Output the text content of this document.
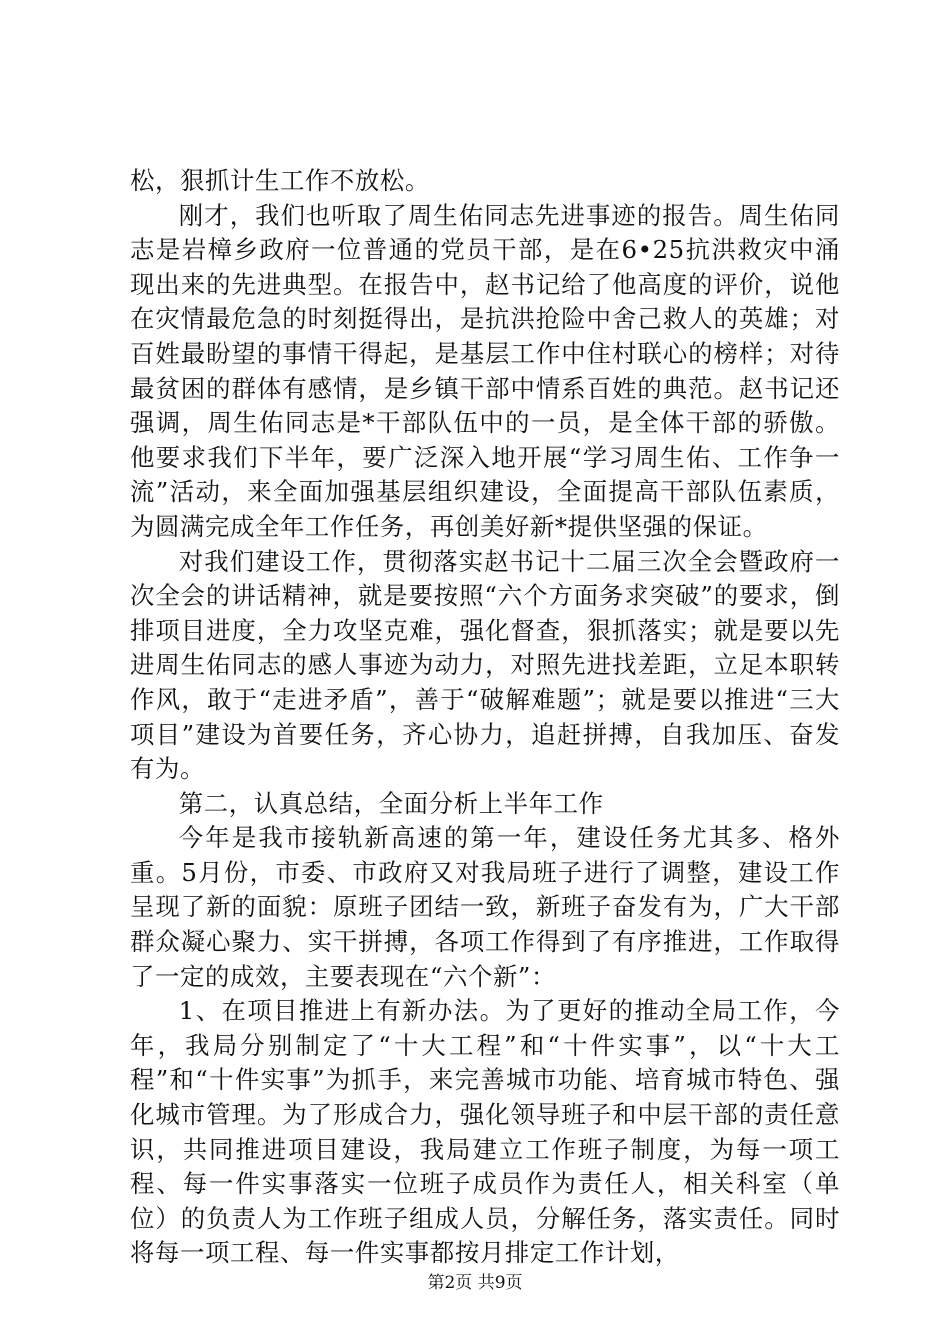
松，狠抓计生工作不放松。

刚才，我们也听取了周生佑同志先进事迹的报告。周生佑同志是岩樟乡政府一位普通的党员干部，是在6•25抗洪救灾中涌现出来的先进典型。在报告中，赵书记给了他高度的评价，说他在灾情最危急的时刻挺得出，是抗洪抢险中舍己救人的英雄；对百姓最盼望的事情干得起，是基层工作中住村联心的榜样；对待最贫困的群体有感情，是乡镇干部中情系百姓的典范。赵书记还强调，周生佑同志是*干部队伍中的一员，是全体干部的骄傲。他要求我们下半年，要广泛深入地开展“学习周生佑、工作争一流”活动，来全面加强基层组织建设，全面提高干部队伍素质，为圆满完成全年工作任务，再创美好新*提供坚强的保证。

对我们建设工作，贯彻落实赵书记十二届三次全会暨政府一次全会的讲话精神，就是要按照“六个方面务求突破”的要求，倒排项目进度，全力攻坚克难，强化督查，狠抓落实；就是要以先进周生佑同志的感人事迹为动力，对照先进找差距，立足本职转作风，敢于“走进矛盾”，善于“破解难题”；就是要以推进“三大项目”建设为首要任务，齐心协力，追赶拼搏，自我加压、奋发有为。

第二，认真总结，全面分析上半年工作

今年是我市接轨新高速的第一年，建设任务尤其多、格外重。5月份，市委、市政府又对我局班子进行了调整，建设工作呈现了新的面貌：原班子团结一致，新班子奋发有为，广大干部群众凝心聚力、实干拼搏，各项工作得到了有序推进，工作取得了一定的成效，主要表现在“六个新”：

1、在项目推进上有新办法。为了更好的推动全局工作，今年，我局分别制定了“十大工程”和“十件实事”，以“十大工程”和“十件实事”为抓手，来完善城市功能、培育城市特色、强化城市管理。为了形成合力，强化领导班子和中层干部的责任意识，共同推进项目建设，我局建立工作班子制度，为每一项工程、每一件实事落实一位班子成员作为责任人，相关科室（单位）的负责人为工作班子组成人员，分解任务，落实责任。同时将每一项工程、每一件实事都按月排定工作计划，

第2页 共9页
